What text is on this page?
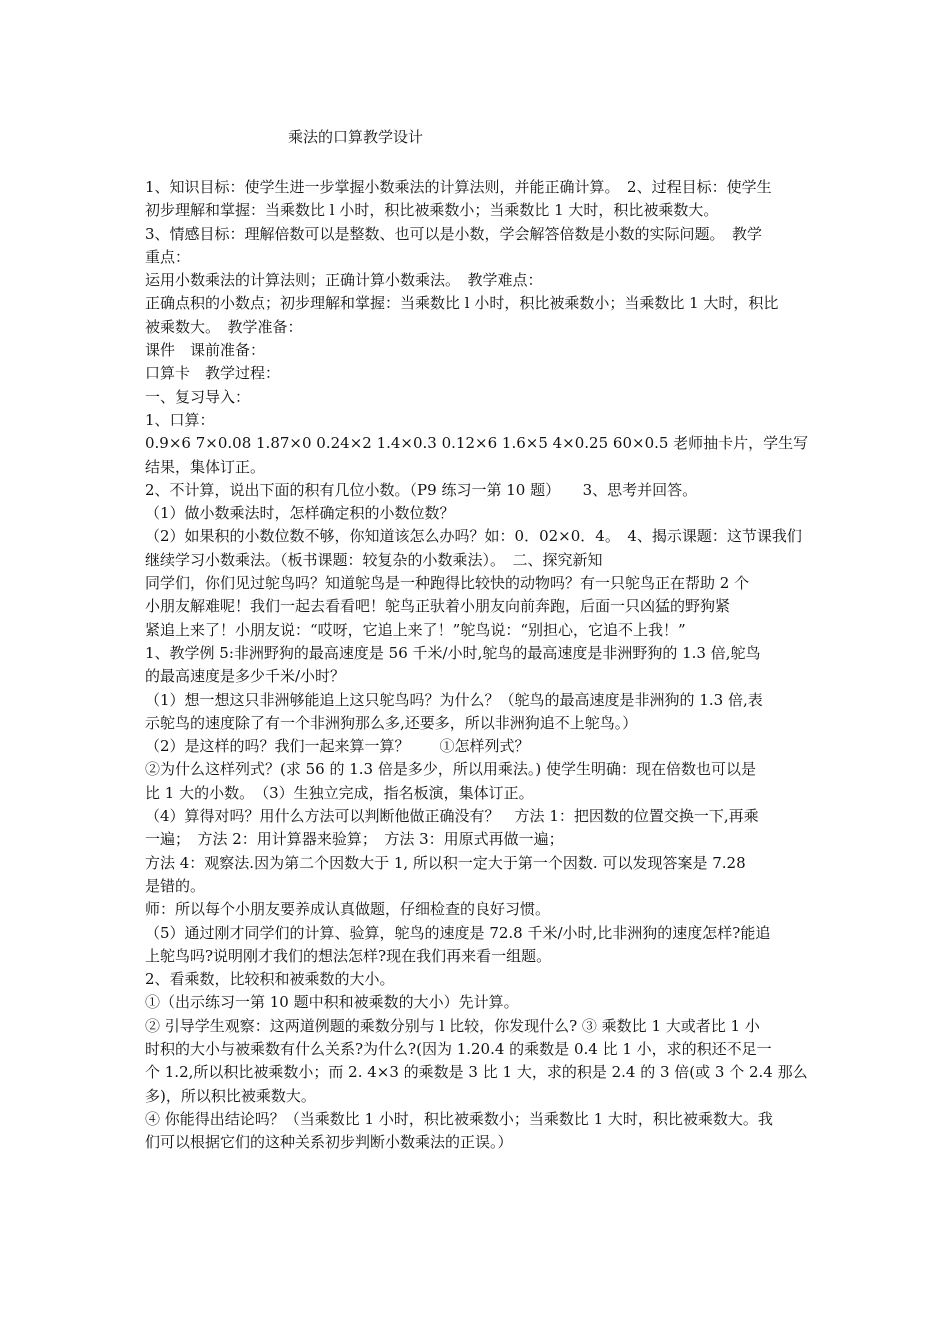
乘法的口算教学设计
1、知识目标：使学生进一步掌握小数乘法的计算法则，并能正确计算。　2、过程目标：使学生
初步理解和掌握：当乘数比 l 小时，积比被乘数小；当乘数比 1 大时，积比被乘数大。
3、情感目标：理解倍数可以是整数、也可以是小数，学会解答倍数是小数的实际问题。　教学
重点：
运用小数乘法的计算法则；正确计算小数乘法。　教学难点：
正确点积的小数点；初步理解和掌握：当乘数比 l 小时，积比被乘数小；当乘数比 1 大时，积比
被乘数大。　教学准备：
课件　课前准备：
口算卡　教学过程：
一、复习导入：
1、口算：
0.9×6 7×0.08 1.87×0 0.24×2 1.4×0.3 0.12×6 1.6×5 4×0.25 60×0.5 老师抽卡片，学生写
结果，集体订正。
2、不计算，说出下面的积有几位小数。（P9 练习一第 10 题）　　3、思考并回答。
（1）做小数乘法时，怎样确定积的小数位数？
（2）如果积的小数位数不够，你知道该怎么办吗？如：0．02×0．4。　4、揭示课题：这节课我们
继续学习小数乘法。（板书课题：较复杂的小数乘法）。　二、探究新知
同学们，你们见过鸵鸟吗？知道鸵鸟是一种跑得比较快的动物吗？有一只鸵鸟正在帮助 2 个
小朋友解难呢！我们一起去看看吧！鸵鸟正驮着小朋友向前奔跑，后面一只凶猛的野狗紧
紧追上来了！小朋友说：“哎呀，它追上来了！”鸵鸟说：“别担心，它追不上我！”
1、教学例 5:非洲野狗的最高速度是 56 千米/小时,鸵鸟的最高速度是非洲野狗的 1.3 倍,鸵鸟
的最高速度是多少千米/小时？
（1）想一想这只非洲够能追上这只鸵鸟吗？为什么？（鸵鸟的最高速度是非洲狗的 1.3 倍,表
示鸵鸟的速度除了有一个非洲狗那么多,还要多，所以非洲狗追不上鸵鸟。）
（2）是这样的吗？我们一起来算一算？　　①怎样列式？
②为什么这样列式？(求 56 的 1.3 倍是多少，所以用乘法。) 使学生明确：现在倍数也可以是
比 1 大的小数。　（3）生独立完成，指名板演，集体订正。
（4）算得对吗？用什么方法可以判断他做正确没有？　方法 1：把因数的位置交换一下,再乘
一遍；　方法 2：用计算器来验算；　方法 3：用原式再做一遍；
方法 4：观察法.因为第二个因数大于 1, 所以积一定大于第一个因数. 可以发现答案是 7.28
是错的。
师：所以每个小朋友要养成认真做题，仔细检查的良好习惯。
（5）通过刚才同学们的计算、验算，鸵鸟的速度是 72.8 千米/小时,比非洲狗的速度怎样?能追
上鸵鸟吗?说明刚才我们的想法怎样?现在我们再来看一组题。
2、看乘数，比较积和被乘数的大小。
①（出示练习一第 10 题中积和被乘数的大小）先计算。
② 引导学生观察：这两道例题的乘数分别与 l 比较，你发现什么? ③ 乘数比 1 大或者比 1 小
时积的大小与被乘数有什么关系?为什么?(因为 1.20.4 的乘数是 0.4 比 1 小，求的积还不足一
个 1.2,所以积比被乘数小；而 2. 4×3 的乘数是 3 比 1 大，求的积是 2.4 的 3 倍(或 3 个 2.4 那么
多)，所以积比被乘数大。
④ 你能得出结论吗？（当乘数比 1 小时，积比被乘数小；当乘数比 1 大时，积比被乘数大。我
们可以根据它们的这种关系初步判断小数乘法的正误。）
